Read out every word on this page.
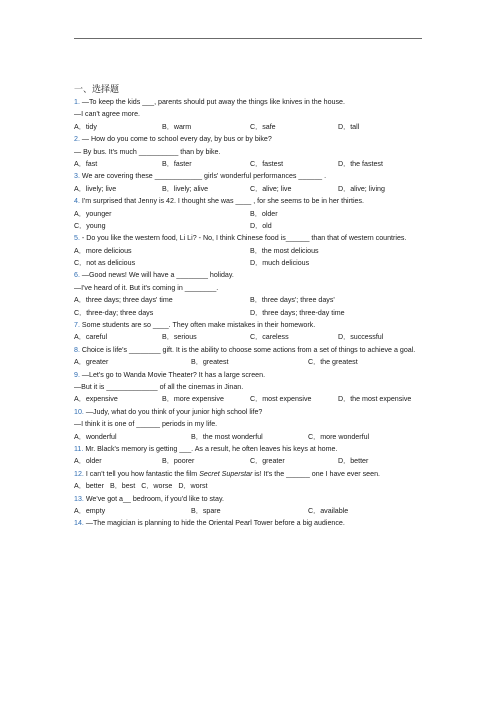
一、选择题
1. —To keep the kids ___, parents should put away the things like knives in the house.
—I can't agree more.
A．tidy	B．warm	C．safe	D．tall
2. — How do you come to school every day, by bus or by bike?
— By bus. It's much __________ than by bike.
A．fast	B．faster	C．fastest	D．the fastest
3. We are covering these ____________ girls' wonderful performances ______ .
A．lively; live	B．lively; alive	C．alive; live	D．alive; living
4. I'm surprised that Jenny is 42. I thought she was ____ , for she seems to be in her thirties.
A．younger	B．older
C．young	D．old
5. - Do you like the western food, Li Li? - No, I think Chinese food is______ than that of western countries.
A．more delicious	B．the most delicious
C．not as delicious	D．much delicious
6. —Good news! We will have a ________ holiday.
—I've heard of it. But it's coming in ________.
A．three days; three days' time	B．three days'; three days'
C．three-day; three days	D．three days; three-day time
7. Some students are so ____. They often make mistakes in their homework.
A．careful	B．serious	C．careless	D．successful
8. Choice is life's ________ gift. It is the ability to choose some actions from a set of things to achieve a goal.
A．greater	B．greatest	C．the greatest
9. —Let's go to Wanda Movie Theater? It has a large screen.
—But it is _____________ of all the cinemas in Jinan.
A．expensive	B．more expensive	C．most expensive	D．the most expensive
10. —Judy, what do you think of your junior high school life?
—I think it is one of ______ periods in my life.
A．wonderful	B．the most wonderful	C．more wonderful
11. Mr. Black's memory is getting ___. As a result, he often leaves his keys at home.
A．older	B．poorer	C．greater	D．better
12. I can't tell you how fantastic the film Secret Superstar is! It's the ______ one I have ever seen.
A．better B．best C．worse D．worst
13. We've got a__ bedroom, if you'd like to stay.
A．empty	B．spare	C．available
14. —The magician is planning to hide the Oriental Pearl Tower before a big audience.
